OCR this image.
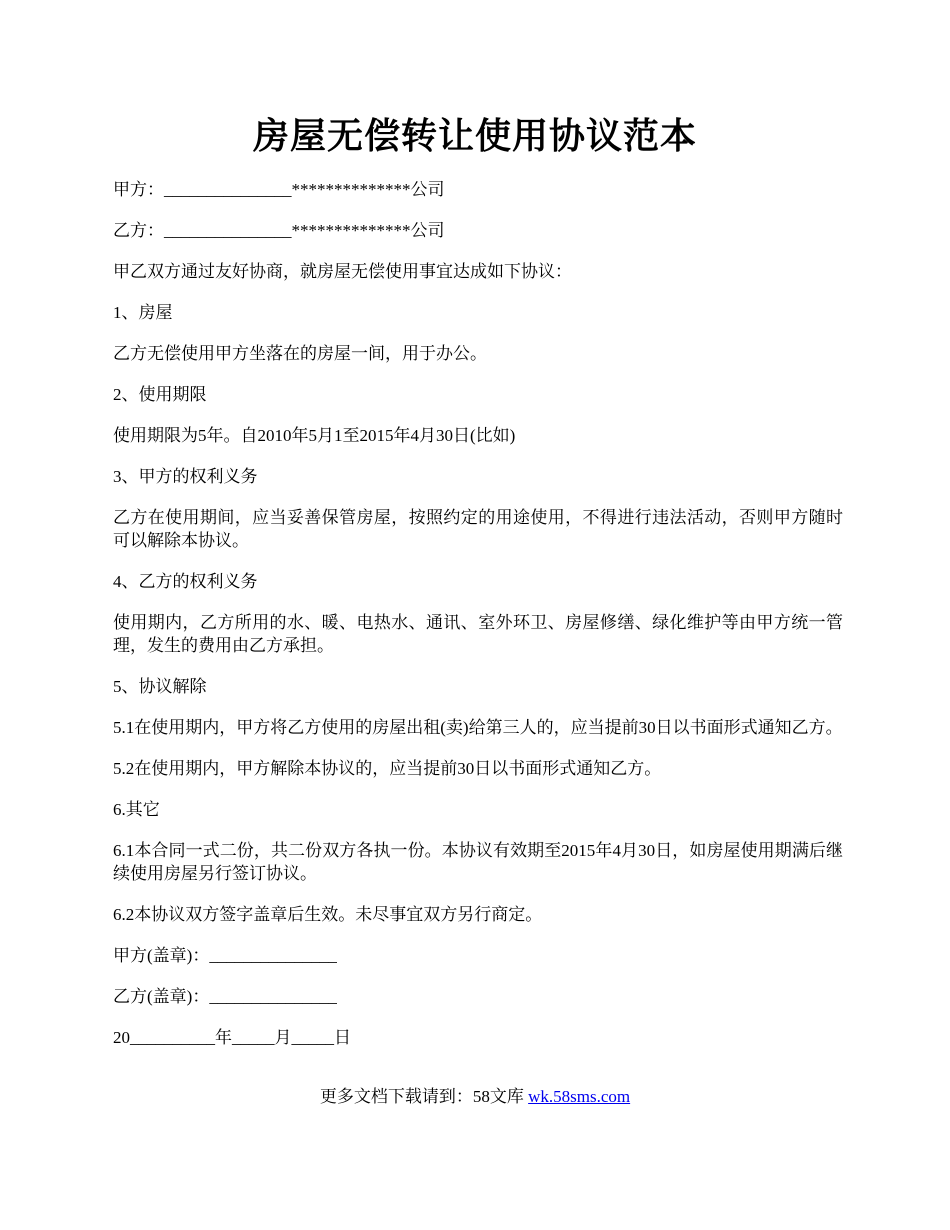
房屋无偿转让使用协议范本

甲方：_______________**************公司

乙方：_______________**************公司

甲乙双方通过友好协商，就房屋无偿使用事宜达成如下协议：

1、房屋

乙方无偿使用甲方坐落在的房屋一间，用于办公。

2、使用期限

使用期限为5年。自2010年5月1至2015年4月30日(比如)

3、甲方的权利义务

乙方在使用期间，应当妥善保管房屋，按照约定的用途使用，不得进行违法活动，否则甲方随时可以解除本协议。

4、乙方的权利义务

使用期内，乙方所用的水、暖、电热水、通讯、室外环卫、房屋修缮、绿化维护等由甲方统一管理，发生的费用由乙方承担。

5、协议解除

5.1在使用期内，甲方将乙方使用的房屋出租(卖)给第三人的，应当提前30日以书面形式通知乙方。

5.2在使用期内，甲方解除本协议的，应当提前30日以书面形式通知乙方。

6.其它

6.1本合同一式二份，共二份双方各执一份。本协议有效期至2015年4月30日，如房屋使用期满后继续使用房屋另行签订协议。

6.2本协议双方签字盖章后生效。未尽事宜双方另行商定。

甲方(盖章)：_______________

乙方(盖章)：_______________

20__________年_____月_____日

更多文档下载请到：58文库 wk.58sms.com
